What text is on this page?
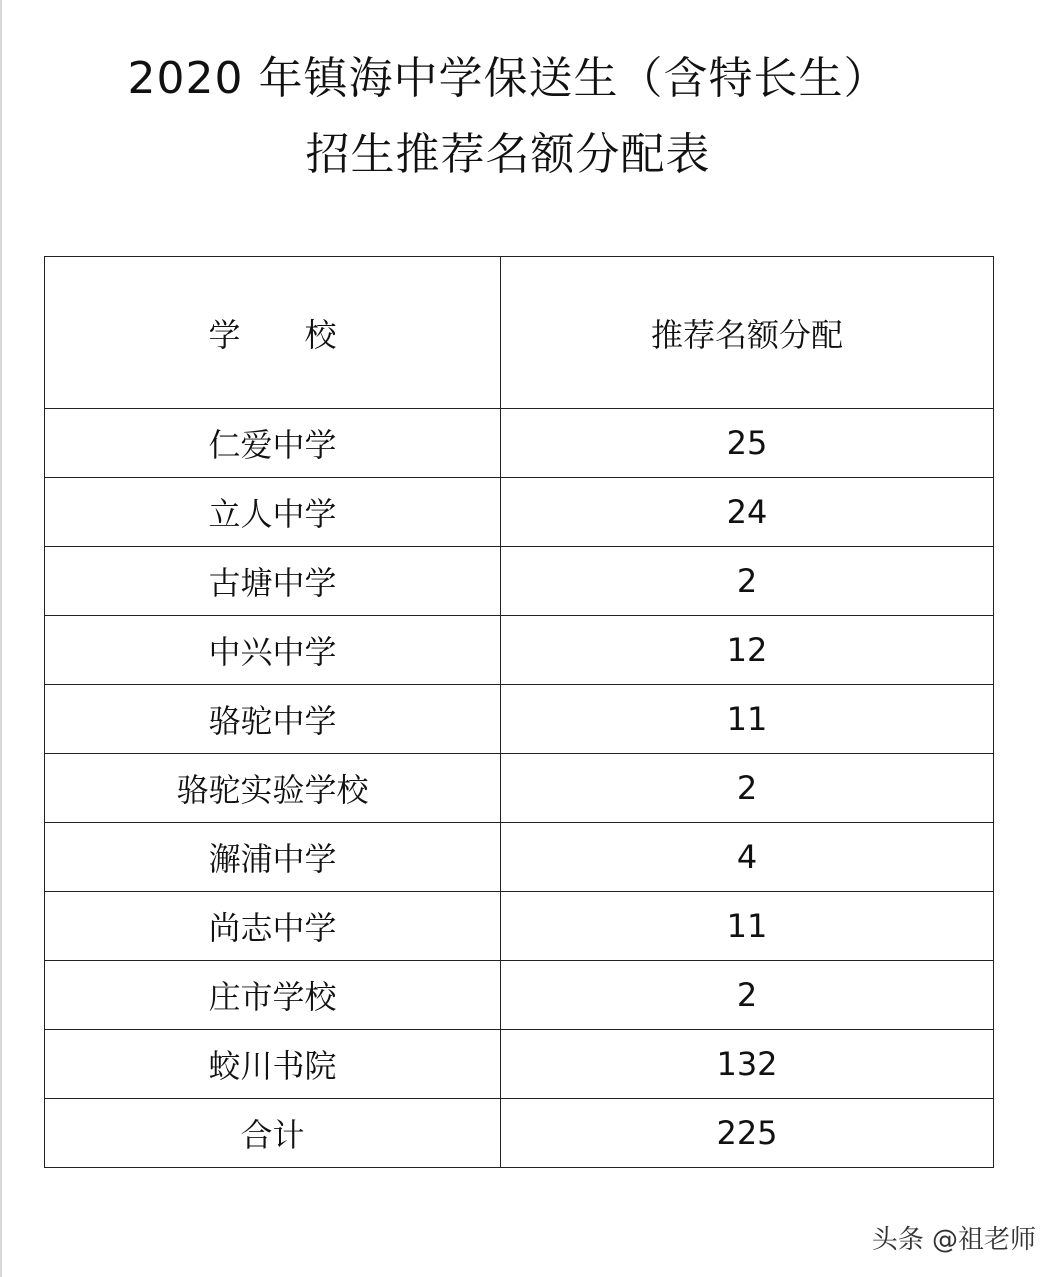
2020 年镇海中学保送生（含特长生）
招生推荐名额分配表
学　　校	推荐名额分配
仁爱中学	25
立人中学	24
古塘中学	2
中兴中学	12
骆驼中学	11
骆驼实验学校	2
澥浦中学	4
尚志中学	11
庄市学校	2
蛟川书院	132
合计	225
头条 @祖老师
